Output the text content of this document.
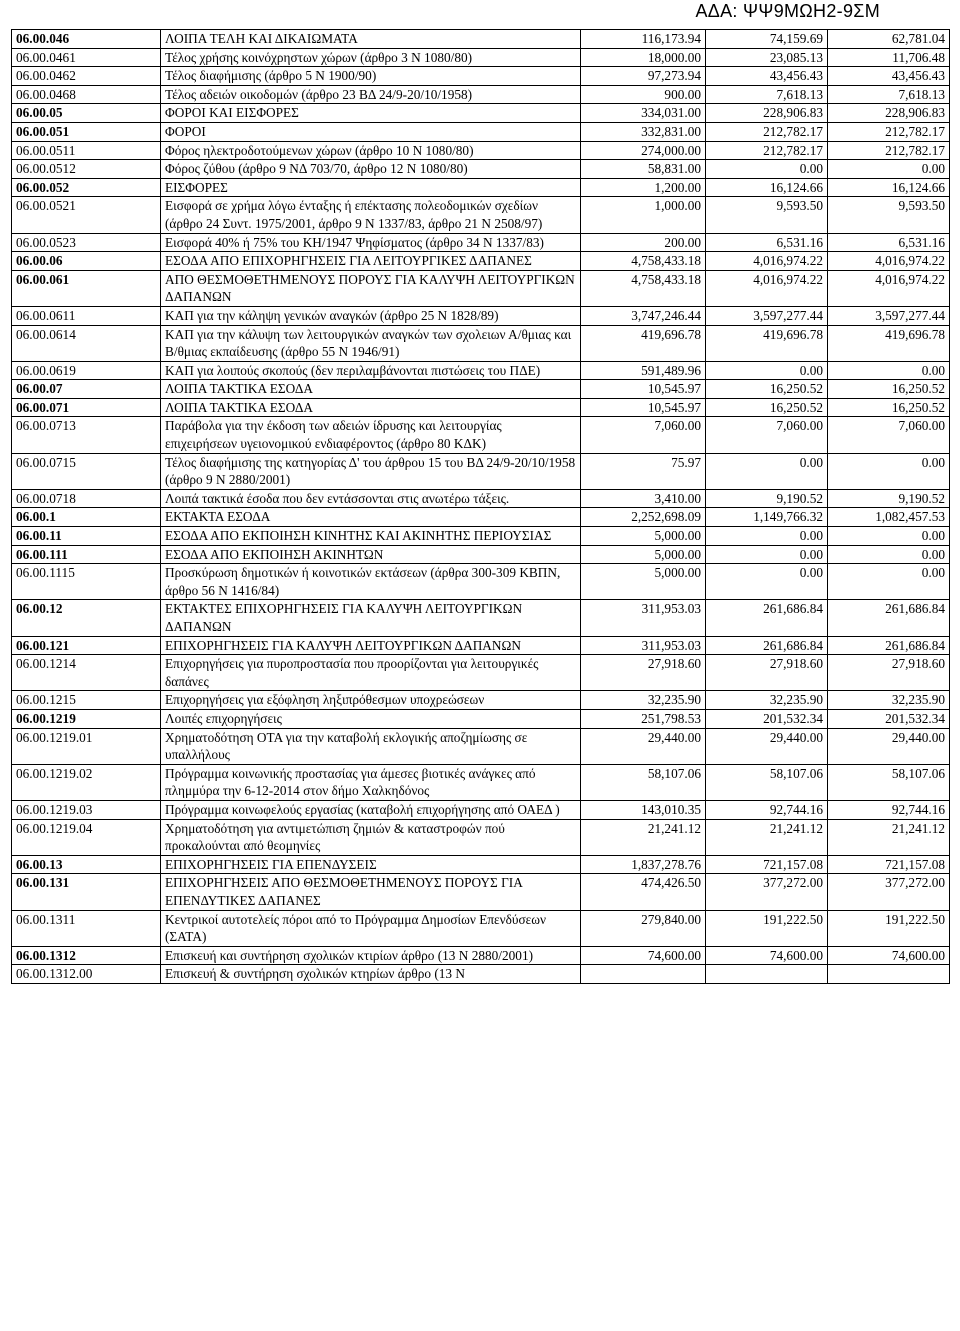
ΑΔΑ: ΨΨ9ΜΩΗ2-9ΣΜ
06.00.046	ΛΟΙΠΑ ΤΕΛΗ ΚΑΙ ΔΙΚΑΙΩΜΑΤΑ	116,173.94	74,159.69	62,781.04
06.00.0461	Τέλος χρήσης κοινόχρηστων χώρων (άρθρο 3 Ν 1080/80)	18,000.00	23,085.13	11,706.48
06.00.0462	Τέλος διαφήμισης (άρθρο 5 Ν 1900/90)	97,273.94	43,456.43	43,456.43
06.00.0468	Τέλος αδειών οικοδομών (άρθρο 23 ΒΔ 24/9-20/10/1958)	900.00	7,618.13	7,618.13
06.00.05	ΦΟΡΟΙ ΚΑΙ ΕΙΣΦΟΡΕΣ	334,031.00	228,906.83	228,906.83
06.00.051	ΦΟΡΟΙ	332,831.00	212,782.17	212,782.17
06.00.0511	Φόρος ηλεκτροδοτούμενων χώρων (άρθρο 10 Ν 1080/80)	274,000.00	212,782.17	212,782.17
06.00.0512	Φόρος ζύθου (άρθρο 9 ΝΔ 703/70, άρθρο 12 Ν 1080/80)	58,831.00	0.00	0.00
06.00.052	ΕΙΣΦΟΡΕΣ	1,200.00	16,124.66	16,124.66
06.00.0521	Εισφορά σε χρήμα λόγω ένταξης ή επέκτασης πολεοδομικών σχεδίων (άρθρο 24 Συντ. 1975/2001, άρθρο 9 Ν 1337/83, άρθρο 21 Ν 2508/97)	1,000.00	9,593.50	9,593.50
06.00.0523	Εισφορά 40% ή 75% του ΚΗ/1947 Ψηφίσματος (άρθρο 34 Ν 1337/83)	200.00	6,531.16	6,531.16
06.00.06	ΕΣΟΔΑ ΑΠΟ ΕΠΙΧΟΡΗΓΗΣΕΙΣ ΓΙΑ ΛΕΙΤΟΥΡΓΙΚΕΣ ΔΑΠΑΝΕΣ	4,758,433.18	4,016,974.22	4,016,974.22
06.00.061	ΑΠΟ ΘΕΣΜΟΘΕΤΗΜΕΝΟΥΣ ΠΟΡΟΥΣ ΓΙΑ ΚΑΛΥΨΗ ΛΕΙΤΟΥΡΓΙΚΩΝ ΔΑΠΑΝΩΝ	4,758,433.18	4,016,974.22	4,016,974.22
06.00.0611	ΚΑΠ για την κάληψη γενικών αναγκών (άρθρο 25 Ν 1828/89)	3,747,246.44	3,597,277.44	3,597,277.44
06.00.0614	ΚΑΠ για την κάλυψη των λειτουργικών αναγκών των σχολειων Α/θμιας και Β/θμιας εκπαίδευσης (άρθρο 55 Ν 1946/91)	419,696.78	419,696.78	419,696.78
06.00.0619	ΚΑΠ για λοιπούς σκοπούς (δεν περιλαμβάνονται πιστώσεις του ΠΔΕ)	591,489.96	0.00	0.00
06.00.07	ΛΟΙΠΑ ΤΑΚΤΙΚΑ ΕΣΟΔΑ	10,545.97	16,250.52	16,250.52
06.00.071	ΛΟΙΠΑ ΤΑΚΤΙΚΑ ΕΣΟΔΑ	10,545.97	16,250.52	16,250.52
06.00.0713	Παράβολα για την έκδοση των αδειών ίδρυσης και λειτουργίας επιχειρήσεων υγειονομικού ενδιαφέροντος (άρθρο 80 ΚΔΚ)	7,060.00	7,060.00	7,060.00
06.00.0715	Τέλος διαφήμισης της κατηγορίας Δ' του άρθρου 15 του ΒΔ 24/9-20/10/1958 (άρθρο 9 Ν 2880/2001)	75.97	0.00	0.00
06.00.0718	Λοιπά τακτικά έσοδα που δεν εντάσσονται στις ανωτέρω τάξεις.	3,410.00	9,190.52	9,190.52
06.00.1	ΕΚΤΑΚΤΑ ΕΣΟΔΑ	2,252,698.09	1,149,766.32	1,082,457.53
06.00.11	ΕΣΟΔΑ ΑΠΟ ΕΚΠΟΙΗΣΗ ΚΙΝΗΤΗΣ ΚΑΙ ΑΚΙΝΗΤΗΣ ΠΕΡΙΟΥΣΙΑΣ	5,000.00	0.00	0.00
06.00.111	ΕΣΟΔΑ ΑΠΟ ΕΚΠΟΙΗΣΗ ΑΚΙΝΗΤΩΝ	5,000.00	0.00	0.00
06.00.1115	Προσκύρωση δημοτικών ή κοινοτικών εκτάσεων (άρθρα 300-309 ΚΒΠΝ, άρθρο 56 Ν 1416/84)	5,000.00	0.00	0.00
06.00.12	ΕΚΤΑΚΤΕΣ ΕΠΙΧΟΡΗΓΗΣΕΙΣ ΓΙΑ ΚΑΛΥΨΗ ΛΕΙΤΟΥΡΓΙΚΩΝ ΔΑΠΑΝΩΝ	311,953.03	261,686.84	261,686.84
06.00.121	ΕΠΙΧΟΡΗΓΗΣΕΙΣ ΓΙΑ ΚΑΛΥΨΗ ΛΕΙΤΟΥΡΓΙΚΩΝ ΔΑΠΑΝΩΝ	311,953.03	261,686.84	261,686.84
06.00.1214	Επιχορηγήσεις για πυροπροστασία που προορίζονται για λειτουργικές δαπάνες	27,918.60	27,918.60	27,918.60
06.00.1215	Επιχορηγήσεις για εξόφληση ληξιπρόθεσμων υποχρεώσεων	32,235.90	32,235.90	32,235.90
06.00.1219	Λοιπές επιχορηγήσεις	251,798.53	201,532.34	201,532.34
06.00.1219.01	Χρηματοδότηση ΟΤΑ για την καταβολή εκλογικής αποζημίωσης σε υπαλλήλους	29,440.00	29,440.00	29,440.00
06.00.1219.02	Πρόγραμμα κοινωνικής προστασίας για άμεσες βιοτικές ανάγκες από πλημμύρα την 6-12-2014 στον δήμο Χαλκηδόνος	58,107.06	58,107.06	58,107.06
06.00.1219.03	Πρόγραμμα κοινωφελούς εργασίας (καταβολή επιχορήγησης από ΟΑΕΔ )	143,010.35	92,744.16	92,744.16
06.00.1219.04	Χρηματοδότηση για αντιμετώπιση ζημιών & καταστροφών πού προκαλούνται από θεομηνίες	21,241.12	21,241.12	21,241.12
06.00.13	ΕΠΙΧΟΡΗΓΗΣΕΙΣ ΓΙΑ ΕΠΕΝΔΥΣΕΙΣ	1,837,278.76	721,157.08	721,157.08
06.00.131	ΕΠΙΧΟΡΗΓΗΣΕΙΣ ΑΠΟ ΘΕΣΜΟΘΕΤΗΜΕΝΟΥΣ ΠΟΡΟΥΣ ΓΙΑ ΕΠΕΝΔΥΤΙΚΕΣ ΔΑΠΑΝΕΣ	474,426.50	377,272.00	377,272.00
06.00.1311	Κεντρικοί αυτοτελείς πόροι από το Πρόγραμμα Δημοσίων Επενδύσεων (ΣΑΤΑ)	279,840.00	191,222.50	191,222.50
06.00.1312	Επισκευή και συντήρηση σχολικών κτιρίων άρθρο (13 Ν 2880/2001)	74,600.00	74,600.00	74,600.00
06.00.1312.00	Επισκευή & συντήρηση σχολικών κτηρίων άρθρο (13 Ν			
